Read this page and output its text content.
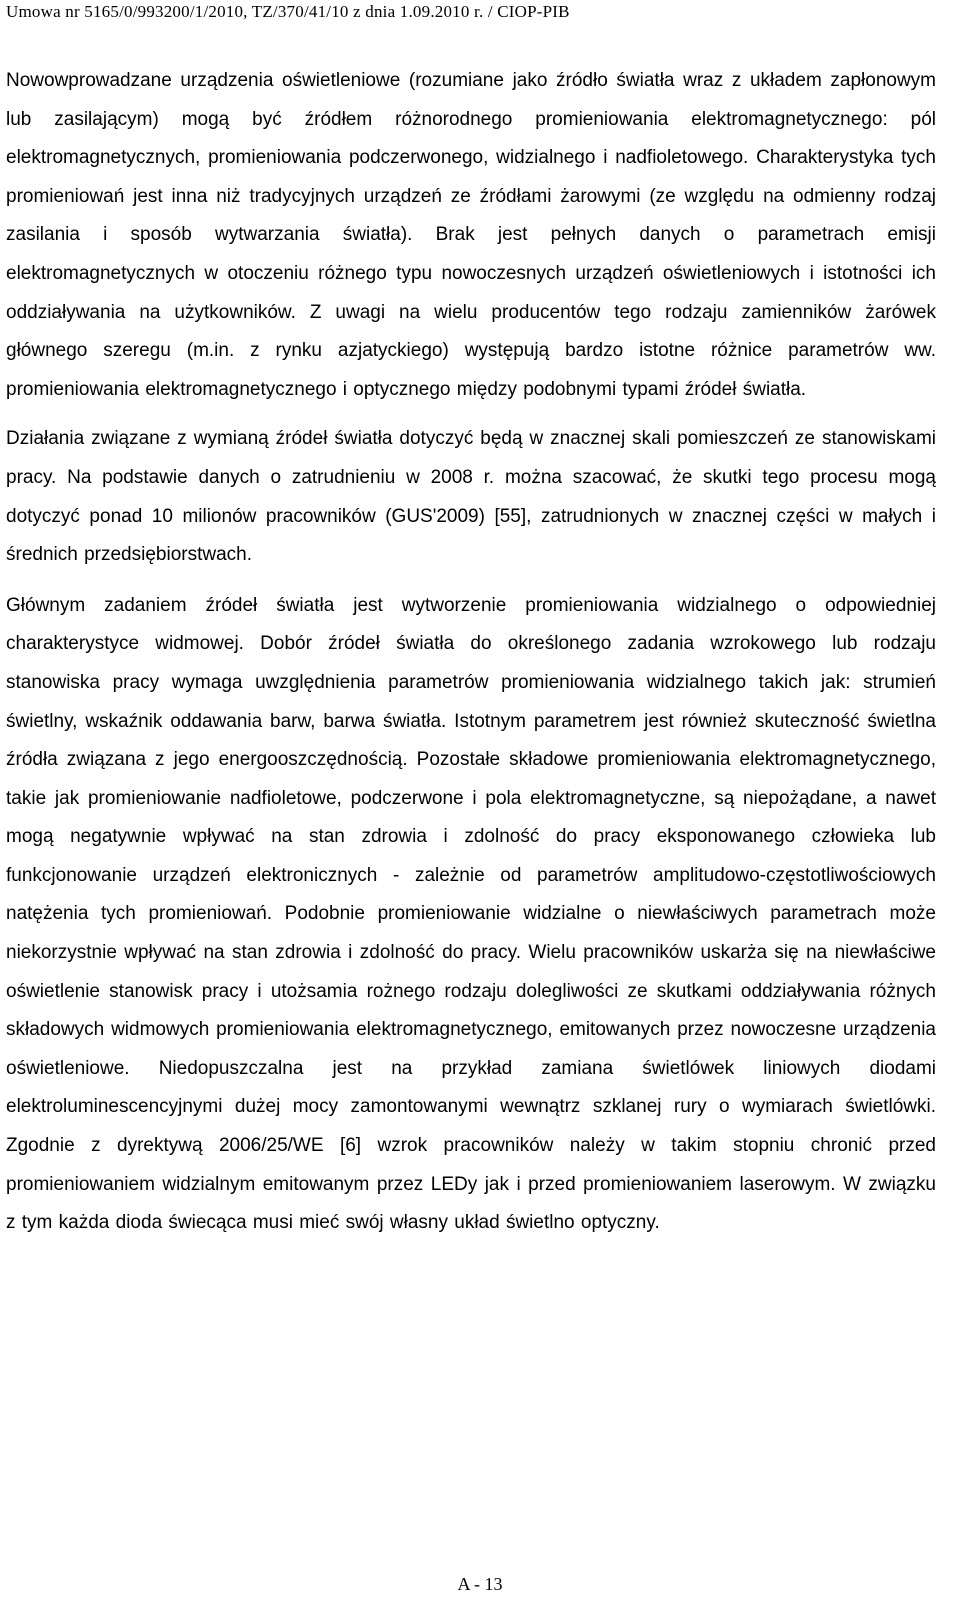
Umowa nr 5165/0/993200/1/2010, TZ/370/41/10 z dnia 1.09.2010 r. / CIOP-PIB

Nowowprowadzane urządzenia oświetleniowe (rozumiane jako źródło światła wraz z układem zapłonowym lub zasilającym) mogą być źródłem różnorodnego promieniowania elektromagnetycznego: pól elektromagnetycznych, promieniowania podczerwonego, widzialnego i nadfioletowego. Charakterystyka tych promieniowań jest inna niż tradycyjnych urządzeń ze źródłami żarowymi (ze względu na odmienny rodzaj zasilania i sposób wytwarzania światła). Brak jest pełnych danych o parametrach emisji elektromagnetycznych w otoczeniu różnego typu nowoczesnych urządzeń oświetleniowych i istotności ich oddziaływania na użytkowników. Z uwagi na wielu producentów tego rodzaju zamienników żarówek głównego szeregu (m.in. z rynku azjatyckiego) występują bardzo istotne różnice parametrów ww. promieniowania elektromagnetycznego i optycznego między podobnymi typami źródeł światła.

Działania związane z wymianą źródeł światła dotyczyć będą w znacznej skali pomieszczeń ze stanowiskami pracy. Na podstawie danych o zatrudnieniu w 2008 r. można szacować, że skutki tego procesu mogą dotyczyć ponad 10 milionów pracowników (GUS'2009) [55], zatrudnionych w znacznej części w małych i średnich przedsiębiorstwach.

Głównym zadaniem źródeł światła jest wytworzenie promieniowania widzialnego o odpowiedniej charakterystyce widmowej. Dobór źródeł światła do określonego zadania wzrokowego lub rodzaju stanowiska pracy wymaga uwzględnienia parametrów promieniowania widzialnego takich jak: strumień świetlny, wskaźnik oddawania barw, barwa światła. Istotnym parametrem jest również skuteczność świetlna źródła związana z jego energooszczędnością. Pozostałe składowe promieniowania elektromagnetycznego, takie jak promieniowanie nadfioletowe, podczerwone i pola elektromagnetyczne, są niepożądane, a nawet mogą negatywnie wpływać na stan zdrowia i zdolność do pracy eksponowanego człowieka lub funkcjonowanie urządzeń elektronicznych - zależnie od parametrów amplitudowo-częstotliwościowych natężenia tych promieniowań. Podobnie promieniowanie widzialne o niewłaściwych parametrach może niekorzystnie wpływać na stan zdrowia i zdolność do pracy. Wielu pracowników uskarża się na niewłaściwe oświetlenie stanowisk pracy i utożsamia rożnego rodzaju dolegliwości ze skutkami oddziaływania różnych składowych widmowych promieniowania elektromagnetycznego, emitowanych przez nowoczesne urządzenia oświetleniowe. Niedopuszczalna jest na przykład zamiana świetlówek liniowych diodami elektroluminescencyjnymi dużej mocy zamontowanymi wewnątrz szklanej rury o wymiarach świetlówki. Zgodnie z dyrektywą 2006/25/WE [6] wzrok pracowników należy w takim stopniu chronić przed promieniowaniem widzialnym emitowanym przez LEDy jak i przed promieniowaniem laserowym. W związku z tym każda dioda świecąca musi mieć swój własny układ świetlno optyczny.

A - 13
